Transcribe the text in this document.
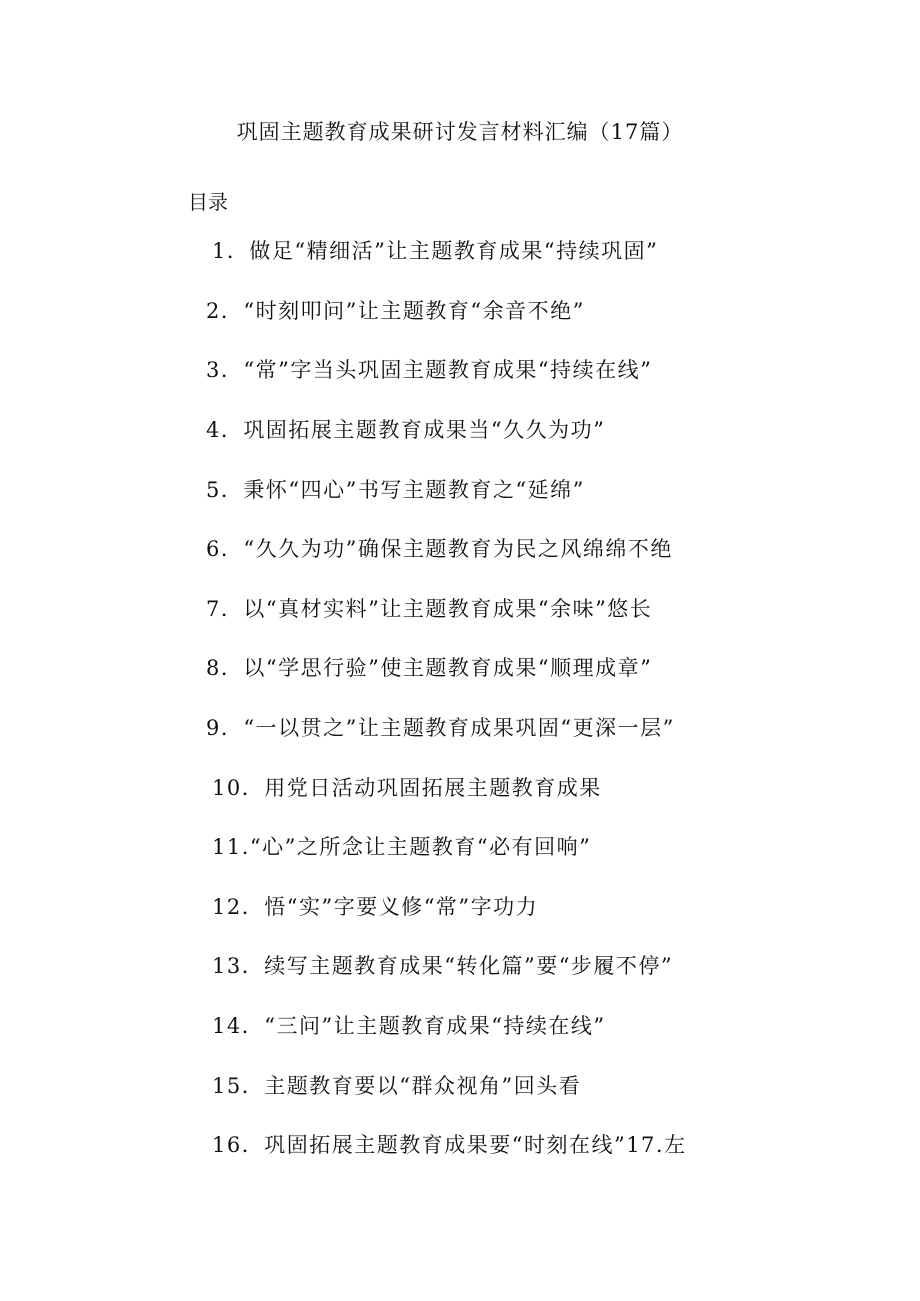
巩固主题教育成果研讨发言材料汇编（17篇）
目录
1．做足“精细活”让主题教育成果“持续巩固”
2．“时刻叩问”让主题教育“余音不绝”
3．“常”字当头巩固主题教育成果“持续在线”
4．巩固拓展主题教育成果当“久久为功”
5．秉怀“四心”书写主题教育之“延绵”
6．“久久为功”确保主题教育为民之风绵绵不绝
7．以“真材实料”让主题教育成果“余味”悠长
8．以“学思行验”使主题教育成果“顺理成章”
9．“一以贯之”让主题教育成果巩固“更深一层”
10．用党日活动巩固拓展主题教育成果
11.“心”之所念让主题教育“必有回响”
12．悟“实”字要义修“常”字功力
13．续写主题教育成果“转化篇”要“步履不停”
14．“三问”让主题教育成果“持续在线”
15．主题教育要以“群众视角”回头看
16．巩固拓展主题教育成果要“时刻在线”17.左
